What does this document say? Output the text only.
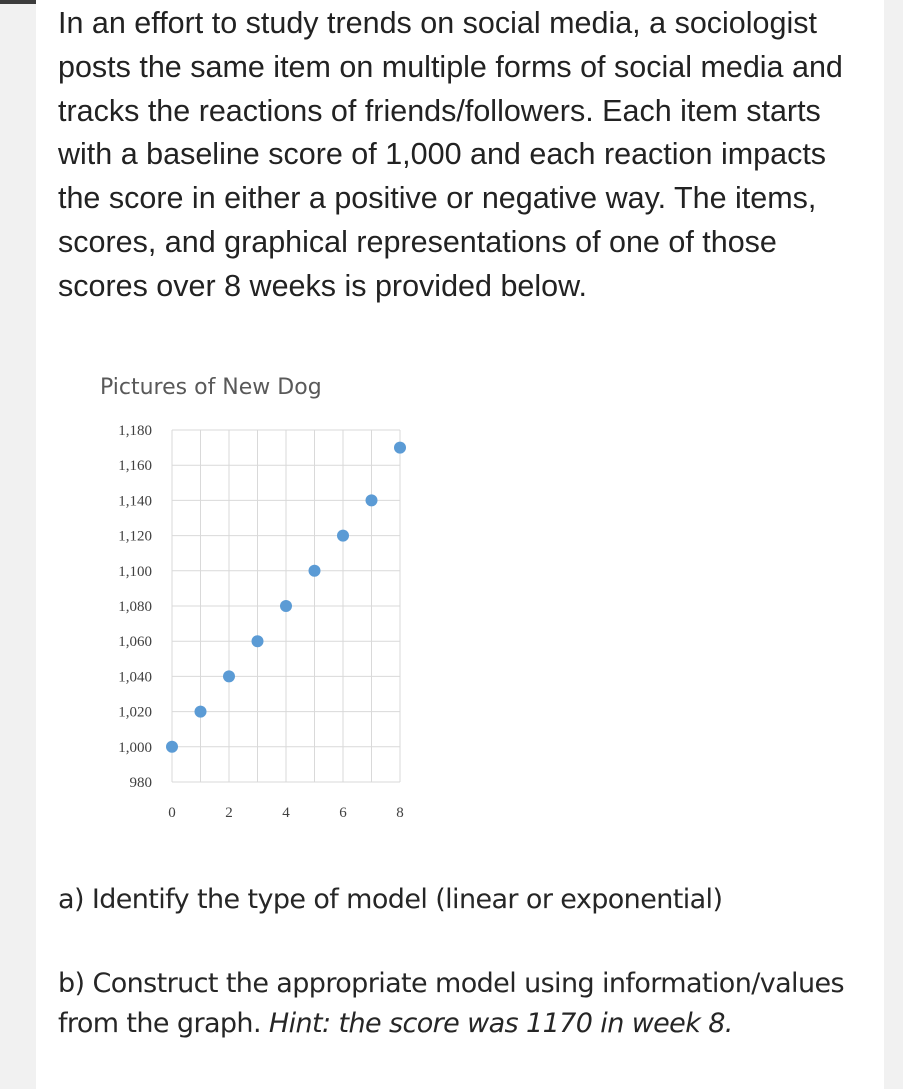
In an effort to study trends on social media, a sociologist posts the same item on multiple forms of social media and tracks the reactions of friends/followers. Each item starts with a baseline score of 1,000 and each reaction impacts the score in either a positive or negative way. The items, scores, and graphical representations of one of those scores over 8 weeks is provided below.

Pictures of New Dog
1,180
1,160
1,140
1,120
1,100
1,080
1,060
1,040
1,020
1,000
980
0	2	4	6	8

a) Identify the type of model (linear or exponential)

b) Construct the appropriate model using information/values from the graph. Hint: the score was 1170 in week 8.
